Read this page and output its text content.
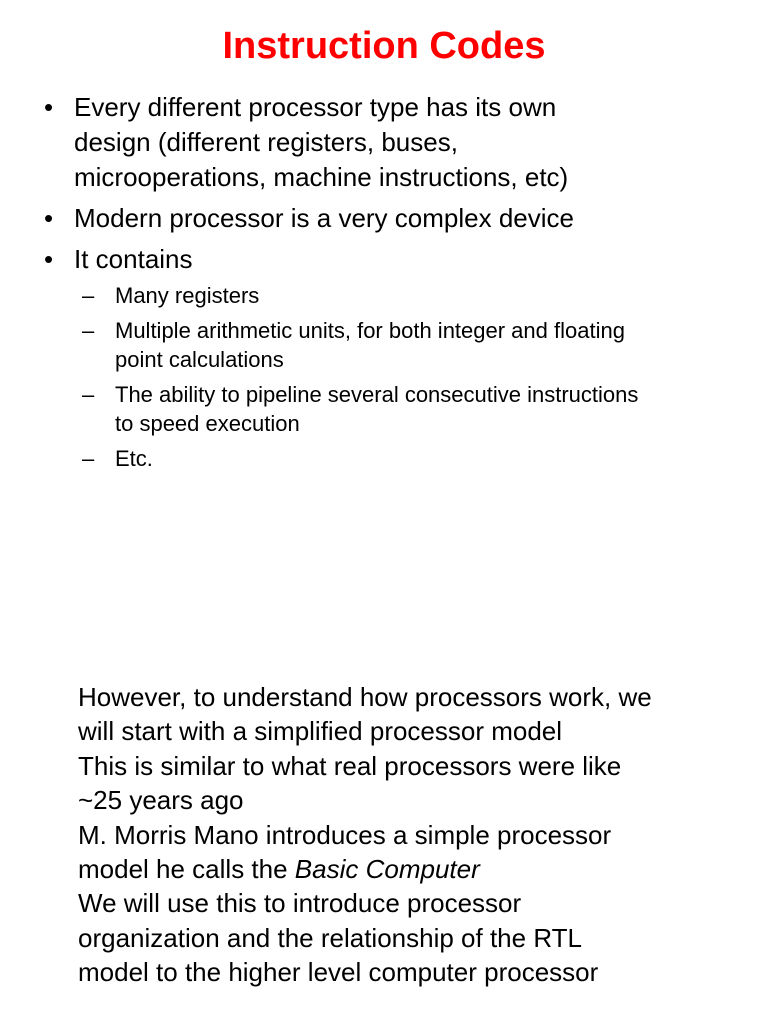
Instruction Codes
• Every different processor type has its own
design (different registers, buses,
microoperations, machine instructions, etc)
• Modern processor is a very complex device
• It contains
– Many registers
– Multiple arithmetic units, for both integer and floating
point calculations
– The ability to pipeline several consecutive instructions
to speed execution
– Etc.
However, to understand how processors work, we
will start with a simplified processor model
This is similar to what real processors were like
~25 years ago
M. Morris Mano introduces a simple processor
model he calls the Basic Computer
We will use this to introduce processor
organization and the relationship of the RTL
model to the higher level computer processor
